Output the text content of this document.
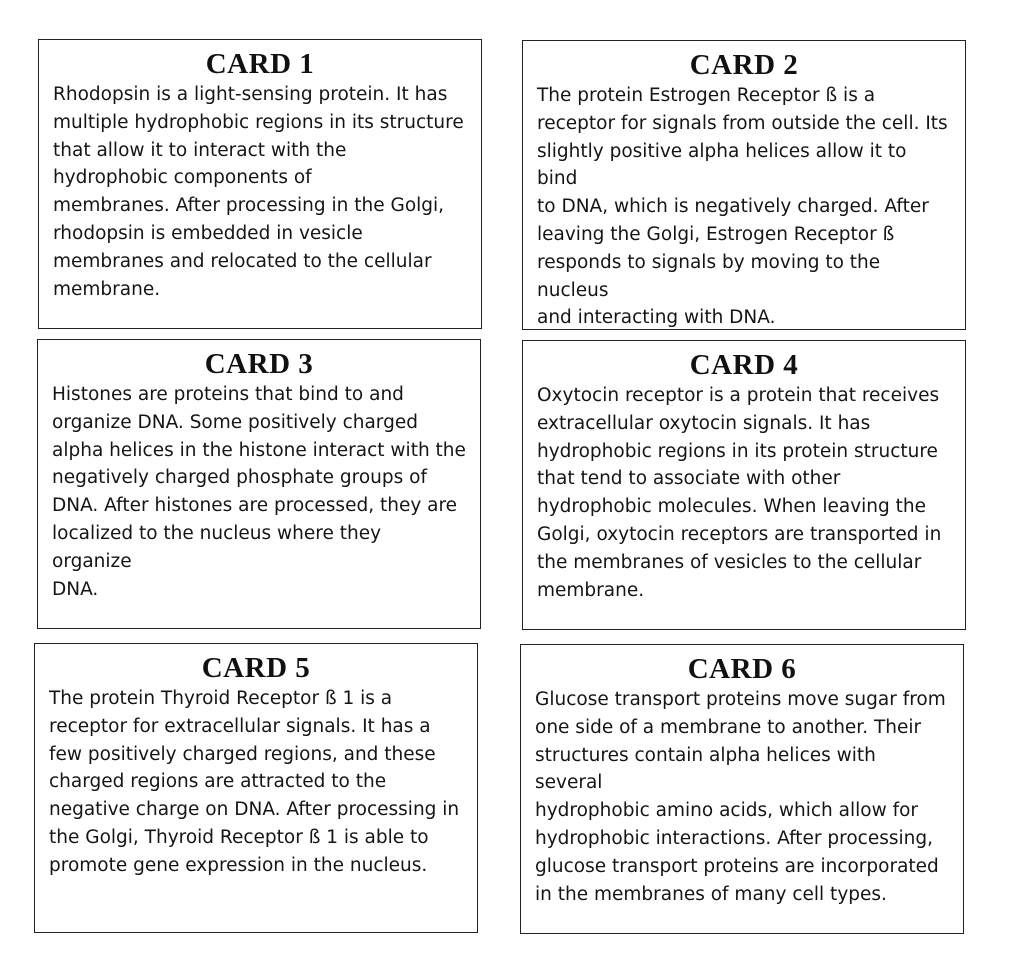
CARD 1

Rhodopsin is a light-sensing protein. It has
multiple hydrophobic regions in its structure
that allow it to interact with the
hydrophobic components of
membranes. After processing in the Golgi,
rhodopsin is embedded in vesicle
membranes and relocated to the cellular
membrane.

CARD 2

The protein Estrogen Receptor ß is a
receptor for signals from outside the cell. Its
slightly positive alpha helices allow it to bind
to DNA, which is negatively charged. After
leaving the Golgi, Estrogen Receptor ß
responds to signals by moving to the nucleus
and interacting with DNA.

CARD 3

Histones are proteins that bind to and
organize DNA. Some positively charged
alpha helices in the histone interact with the
negatively charged phosphate groups of
DNA. After histones are processed, they are
localized to the nucleus where they organize
DNA.

CARD 4

Oxytocin receptor is a protein that receives
extracellular oxytocin signals. It has
hydrophobic regions in its protein structure
that tend to associate with other
hydrophobic molecules. When leaving the
Golgi, oxytocin receptors are transported in
the membranes of vesicles to the cellular
membrane.

CARD 5

The protein Thyroid Receptor ß 1 is a
receptor for extracellular signals. It has a
few positively charged regions, and these
charged regions are attracted to the
negative charge on DNA. After processing in
the Golgi, Thyroid Receptor ß 1 is able to
promote gene expression in the nucleus.

CARD 6

Glucose transport proteins move sugar from
one side of a membrane to another. Their
structures contain alpha helices with several
hydrophobic amino acids, which allow for
hydrophobic interactions. After processing,
glucose transport proteins are incorporated
in the membranes of many cell types.
